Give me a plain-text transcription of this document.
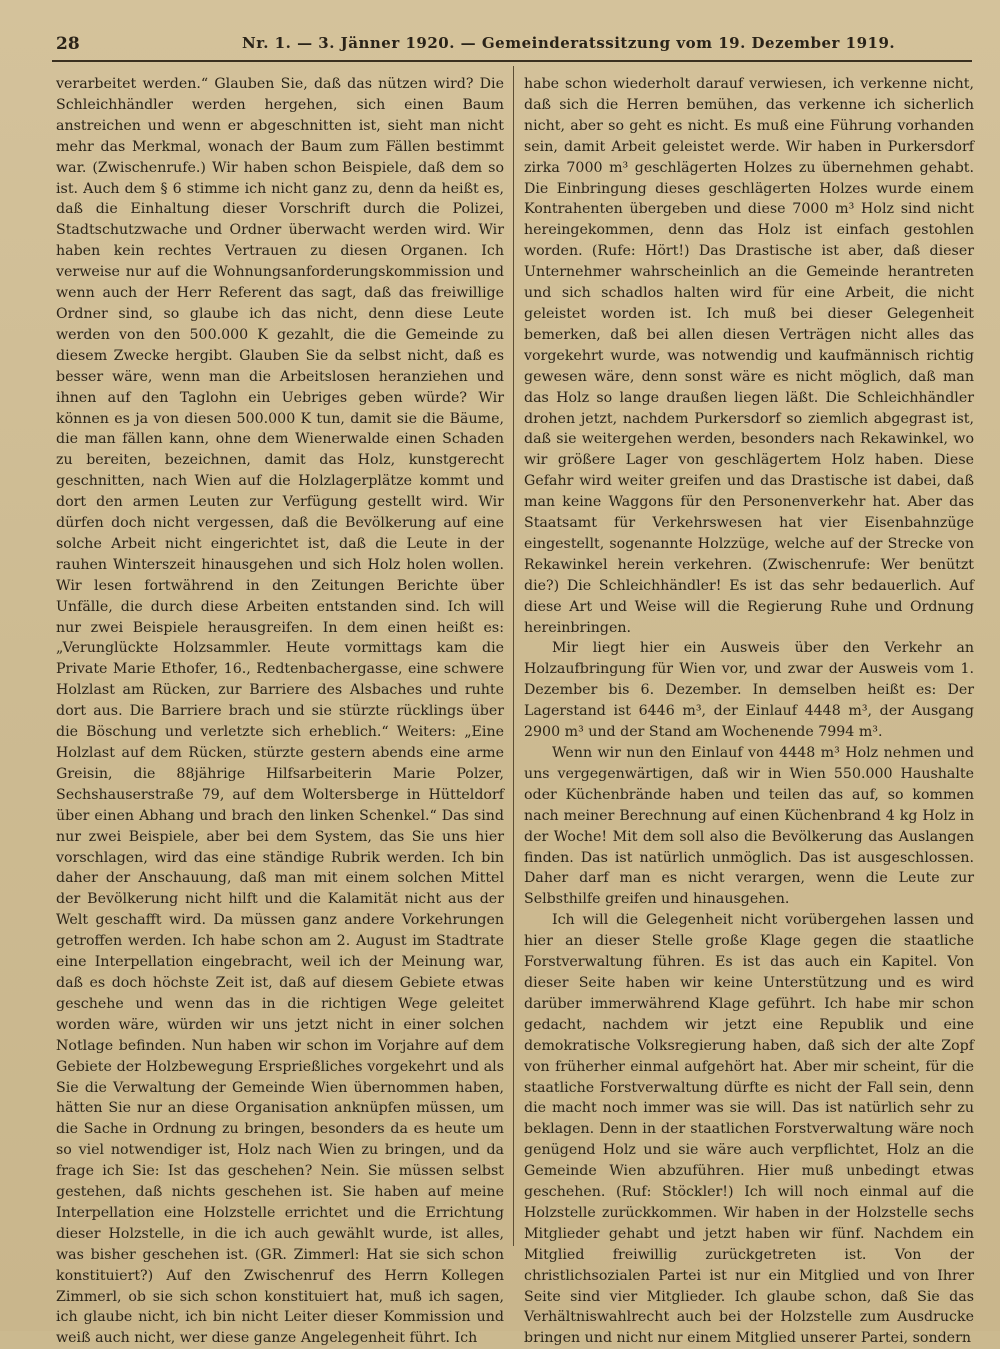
28	Nr. 1. — 3. Jänner 1920. — Gemeinderatssitzung vom 19. Dezember 1919.

verarbeitet werden.“ Glauben Sie, daß das nützen wird? Die Schleichhändler werden hergehen, sich einen Baum anstreichen und wenn er abgeschnitten ist, sieht man nicht mehr das Merkmal, wonach der Baum zum Fällen bestimmt war. (Zwischenrufe.) Wir haben schon Beispiele, daß dem so ist. Auch dem § 6 stimme ich nicht ganz zu, denn da heißt es, daß die Einhaltung dieser Vorschrift durch die Polizei, Stadtschutzwache und Ordner überwacht werden wird. Wir haben kein rechtes Vertrauen zu diesen Organen. Ich verweise nur auf die Wohnungsanforderungskommission und wenn auch der Herr Referent das sagt, daß das freiwillige Ordner sind, so glaube ich das nicht, denn diese Leute werden von den 500.000 K gezahlt, die die Gemeinde zu diesem Zwecke hergibt. Glauben Sie da selbst nicht, daß es besser wäre, wenn man die Arbeitslosen heranziehen und ihnen auf den Taglohn ein Uebriges geben würde? Wir können es ja von diesen 500.000 K tun, damit sie die Bäume, die man fällen kann, ohne dem Wienerwalde einen Schaden zu bereiten, bezeichnen, damit das Holz, kunstgerecht geschnitten, nach Wien auf die Holzlagerplätze kommt und dort den armen Leuten zur Verfügung gestellt wird. Wir dürfen doch nicht vergessen, daß die Bevölkerung auf eine solche Arbeit nicht eingerichtet ist, daß die Leute in der rauhen Winterszeit hinausgehen und sich Holz holen wollen. Wir lesen fortwährend in den Zeitungen Berichte über Unfälle, die durch diese Arbeiten entstanden sind. Ich will nur zwei Beispiele herausgreifen. In dem einen heißt es: „Verunglückte Holzsammler. Heute vormittags kam die Private Marie Ethofer, 16., Redtenbachergasse, eine schwere Holzlast am Rücken, zur Barriere des Alsbaches und ruhte dort aus. Die Barriere brach und sie stürzte rücklings über die Böschung und verletzte sich erheblich.“ Weiters: „Eine Holzlast auf dem Rücken, stürzte gestern abends eine arme Greisin, die 88jährige Hilfsarbeiterin Marie Polzer, Sechshauserstraße 79, auf dem Woltersberge in Hütteldorf über einen Abhang und brach den linken Schenkel.“ Das sind nur zwei Beispiele, aber bei dem System, das Sie uns hier vorschlagen, wird das eine ständige Rubrik werden. Ich bin daher der Anschauung, daß man mit einem solchen Mittel der Bevölkerung nicht hilft und die Kalamität nicht aus der Welt geschafft wird. Da müssen ganz andere Vorkehrungen getroffen werden. Ich habe schon am 2. August im Stadtrate eine Interpellation eingebracht, weil ich der Meinung war, daß es doch höchste Zeit ist, daß auf diesem Gebiete etwas geschehe und wenn das in die richtigen Wege geleitet worden wäre, würden wir uns jetzt nicht in einer solchen Notlage befinden. Nun haben wir schon im Vorjahre auf dem Gebiete der Holzbewegung Ersprießliches vorgekehrt und als Sie die Verwaltung der Gemeinde Wien übernommen haben, hätten Sie nur an diese Organisation anknüpfen müssen, um die Sache in Ordnung zu bringen, besonders da es heute um so viel notwendiger ist, Holz nach Wien zu bringen, und da frage ich Sie: Ist das geschehen? Nein. Sie müssen selbst gestehen, daß nichts geschehen ist. Sie haben auf meine Interpellation eine Holzstelle errichtet und die Errichtung dieser Holzstelle, in die ich auch gewählt wurde, ist alles, was bisher geschehen ist. (GR. Zimmerl: Hat sie sich schon konstituiert?) Auf den Zwischenruf des Herrn Kollegen Zimmerl, ob sie sich schon konstituiert hat, muß ich sagen, ich glaube nicht, ich bin nicht Leiter dieser Kommission und weiß auch nicht, wer diese ganze Angelegenheit führt. Ich

habe schon wiederholt darauf verwiesen, ich verkenne nicht, daß sich die Herren bemühen, das verkenne ich sicherlich nicht, aber so geht es nicht. Es muß eine Führung vorhanden sein, damit Arbeit geleistet werde. Wir haben in Purkersdorf zirka 7000 m³ geschlägerten Holzes zu übernehmen gehabt. Die Einbringung dieses geschlägerten Holzes wurde einem Kontrahenten übergeben und diese 7000 m³ Holz sind nicht hereingekommen, denn das Holz ist einfach gestohlen worden. (Rufe: Hört!) Das Drastische ist aber, daß dieser Unternehmer wahrscheinlich an die Gemeinde herantreten und sich schadlos halten wird für eine Arbeit, die nicht geleistet worden ist. Ich muß bei dieser Gelegenheit bemerken, daß bei allen diesen Verträgen nicht alles das vorgekehrt wurde, was notwendig und kaufmännisch richtig gewesen wäre, denn sonst wäre es nicht möglich, daß man das Holz so lange draußen liegen läßt. Die Schleichhändler drohen jetzt, nachdem Purkersdorf so ziemlich abgegrast ist, daß sie weitergehen werden, besonders nach Rekawinkel, wo wir größere Lager von geschlägertem Holz haben. Diese Gefahr wird weiter greifen und das Drastische ist dabei, daß man keine Waggons für den Personenverkehr hat. Aber das Staatsamt für Verkehrswesen hat vier Eisenbahnzüge eingestellt, sogenannte Holzzüge, welche auf der Strecke von Rekawinkel herein verkehren. (Zwischenrufe: Wer benützt die?) Die Schleichhändler! Es ist das sehr bedauerlich. Auf diese Art und Weise will die Regierung Ruhe und Ordnung hereinbringen.

Mir liegt hier ein Ausweis über den Verkehr an Holzaufbringung für Wien vor, und zwar der Ausweis vom 1. Dezember bis 6. Dezember. In demselben heißt es: Der Lagerstand ist 6446 m³, der Einlauf 4448 m³, der Ausgang 2900 m³ und der Stand am Wochenende 7994 m³.

Wenn wir nun den Einlauf von 4448 m³ Holz nehmen und uns vergegenwärtigen, daß wir in Wien 550.000 Haushalte oder Küchenbrände haben und teilen das auf, so kommen nach meiner Berechnung auf einen Küchenbrand 4 kg Holz in der Woche! Mit dem soll also die Bevölkerung das Auslangen finden. Das ist natürlich unmöglich. Das ist ausgeschlossen. Daher darf man es nicht verargen, wenn die Leute zur Selbsthilfe greifen und hinausgehen.

Ich will die Gelegenheit nicht vorübergehen lassen und hier an dieser Stelle große Klage gegen die staatliche Forstverwaltung führen. Es ist das auch ein Kapitel. Von dieser Seite haben wir keine Unterstützung und es wird darüber immerwährend Klage geführt. Ich habe mir schon gedacht, nachdem wir jetzt eine Republik und eine demokratische Volksregierung haben, daß sich der alte Zopf von früherher einmal aufgehört hat. Aber mir scheint, für die staatliche Forstverwaltung dürfte es nicht der Fall sein, denn die macht noch immer was sie will. Das ist natürlich sehr zu beklagen. Denn in der staatlichen Forstverwaltung wäre noch genügend Holz und sie wäre auch verpflichtet, Holz an die Gemeinde Wien abzuführen. Hier muß unbedingt etwas geschehen. (Ruf: Stöckler!) Ich will noch einmal auf die Holzstelle zurückkommen. Wir haben in der Holzstelle sechs Mitglieder gehabt und jetzt haben wir fünf. Nachdem ein Mitglied freiwillig zurückgetreten ist. Von der christlichsozialen Partei ist nur ein Mitglied und von Ihrer Seite sind vier Mitglieder. Ich glaube schon, daß Sie das Verhältniswahlrecht auch bei der Holzstelle zum Ausdrucke bringen und nicht nur einem Mitglied unserer Partei, sondern
